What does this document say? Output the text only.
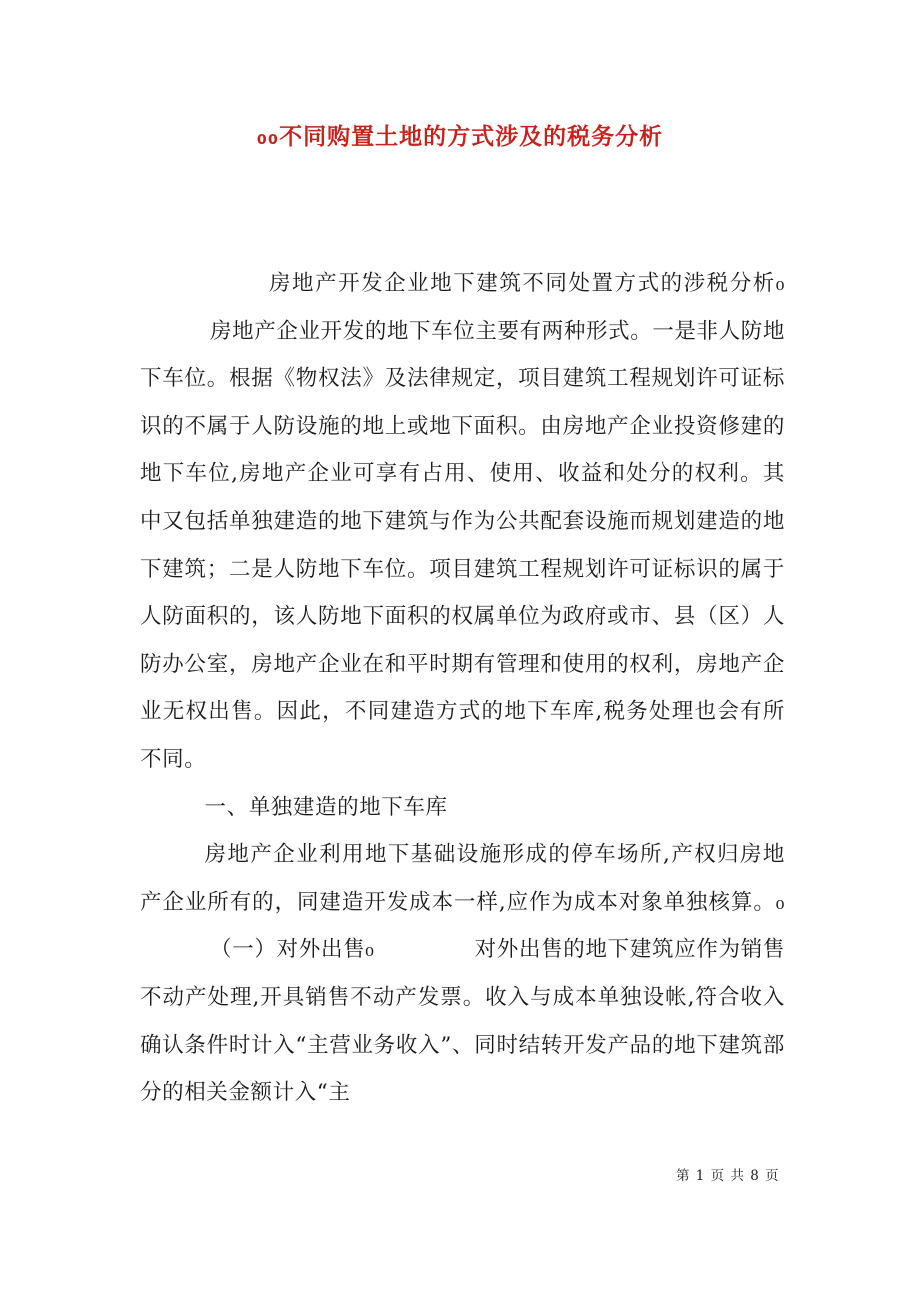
₀₀不同购置土地的方式涉及的税务分析

房地产开发企业地下建筑不同处置方式的涉税分析₀房地产企业开发的地下车位主要有两种形式。一是非人防地下车位。根据《物权法》及法律规定，项目建筑工程规划许可证标识的不属于人防设施的地上或地下面积。由房地产企业投资修建的地下车位,房地产企业可享有占用、使用、收益和处分的权利。其中又包括单独建造的地下建筑与作为公共配套设施而规划建造的地下建筑；二是人防地下车位。项目建筑工程规划许可证标识的属于人防面积的，该人防地下面积的权属单位为政府或市、县（区）人防办公室，房地产企业在和平时期有管理和使用的权利，房地产企业无权出售。因此，不同建造方式的地下车库,税务处理也会有所不同。

一、单独建造的地下车库

房地产企业利用地下基础设施形成的停车场所,产权归房地产企业所有的，同建造开发成本一样,应作为成本对象单独核算。₀（一）对外出售₀	对外出售的地下建筑应作为销售不动产处理,开具销售不动产发票。收入与成本单独设帐,符合收入确认条件时计入“主营业务收入”、同时结转开发产品的地下建筑部分的相关金额计入“主

第 1 页 共 8 页
